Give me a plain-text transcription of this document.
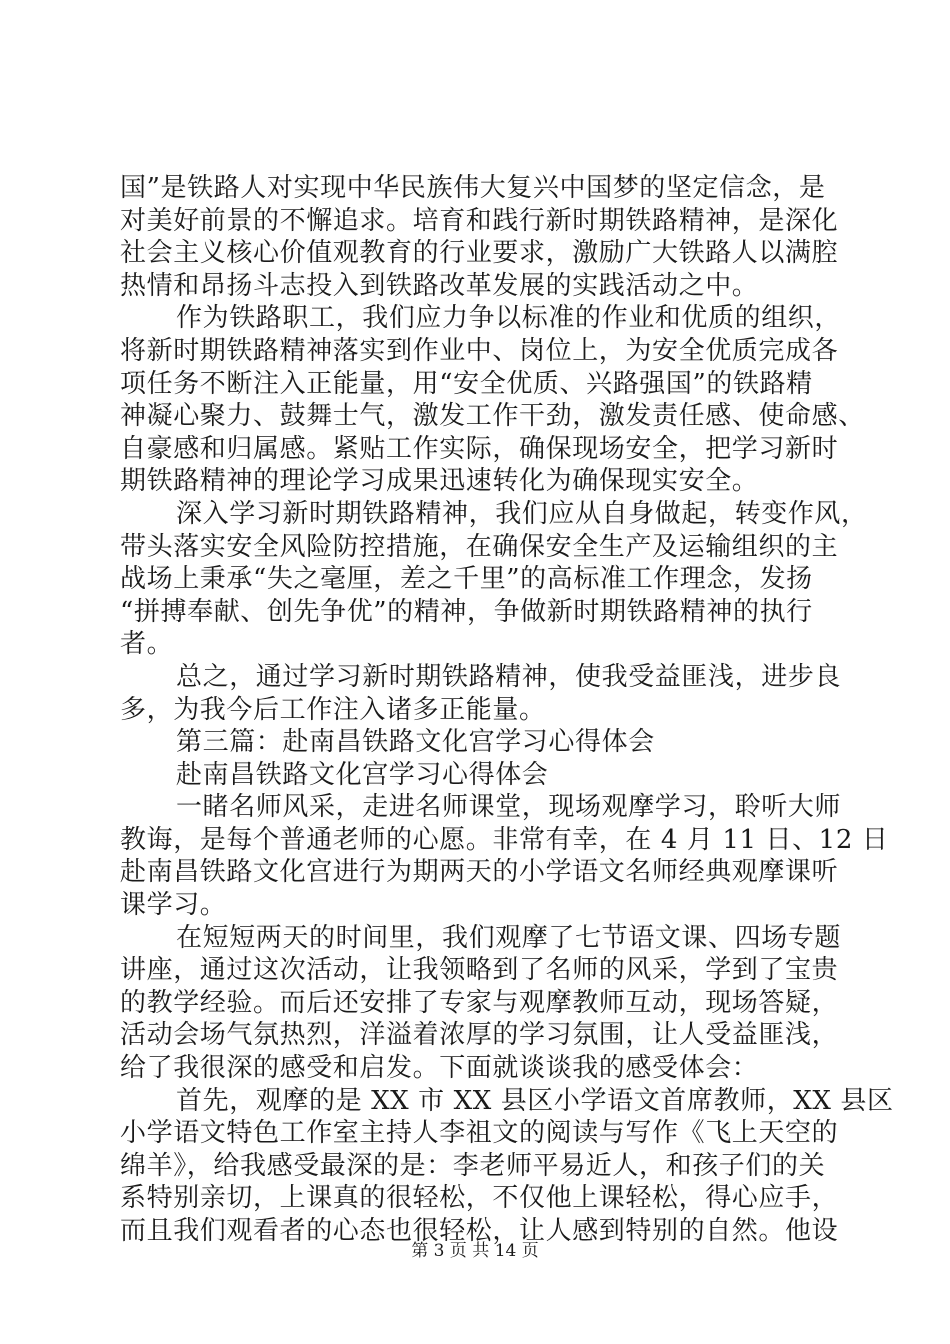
国”是铁路人对实现中华民族伟大复兴中国梦的坚定信念，是
对美好前景的不懈追求。培育和践行新时期铁路精神，是深化
社会主义核心价值观教育的行业要求，激励广大铁路人以满腔
热情和昂扬斗志投入到铁路改革发展的实践活动之中。
作为铁路职工，我们应力争以标准的作业和优质的组织，
将新时期铁路精神落实到作业中、岗位上，为安全优质完成各
项任务不断注入正能量，用“安全优质、兴路强国”的铁路精
神凝心聚力、鼓舞士气，激发工作干劲，激发责任感、使命感、
自豪感和归属感。紧贴工作实际，确保现场安全，把学习新时
期铁路精神的理论学习成果迅速转化为确保现实安全。
深入学习新时期铁路精神，我们应从自身做起，转变作风，
带头落实安全风险防控措施，在确保安全生产及运输组织的主
战场上秉承“失之毫厘，差之千里”的高标准工作理念，发扬
“拼搏奉献、创先争优”的精神，争做新时期铁路精神的执行
者。
总之，通过学习新时期铁路精神，使我受益匪浅，进步良
多，为我今后工作注入诸多正能量。
第三篇：赴南昌铁路文化宫学习心得体会
赴南昌铁路文化宫学习心得体会
一睹名师风采，走进名师课堂，现场观摩学习，聆听大师
教诲，是每个普通老师的心愿。非常有幸，在 4 月 11 日、12 日
赴南昌铁路文化宫进行为期两天的小学语文名师经典观摩课听
课学习。
在短短两天的时间里，我们观摩了七节语文课、四场专题
讲座，通过这次活动，让我领略到了名师的风采，学到了宝贵
的教学经验。而后还安排了专家与观摩教师互动，现场答疑，
活动会场气氛热烈，洋溢着浓厚的学习氛围，让人受益匪浅，
给了我很深的感受和启发。下面就谈谈我的感受体会：
首先，观摩的是 XX 市 XX 县区小学语文首席教师，XX 县区
小学语文特色工作室主持人李祖文的阅读与写作《飞上天空的
绵羊》，给我感受最深的是：李老师平易近人，和孩子们的关
系特别亲切，上课真的很轻松，不仅他上课轻松，得心应手，
而且我们观看者的心态也很轻松，让人感到特别的自然。他设
第 3 页 共 14 页
